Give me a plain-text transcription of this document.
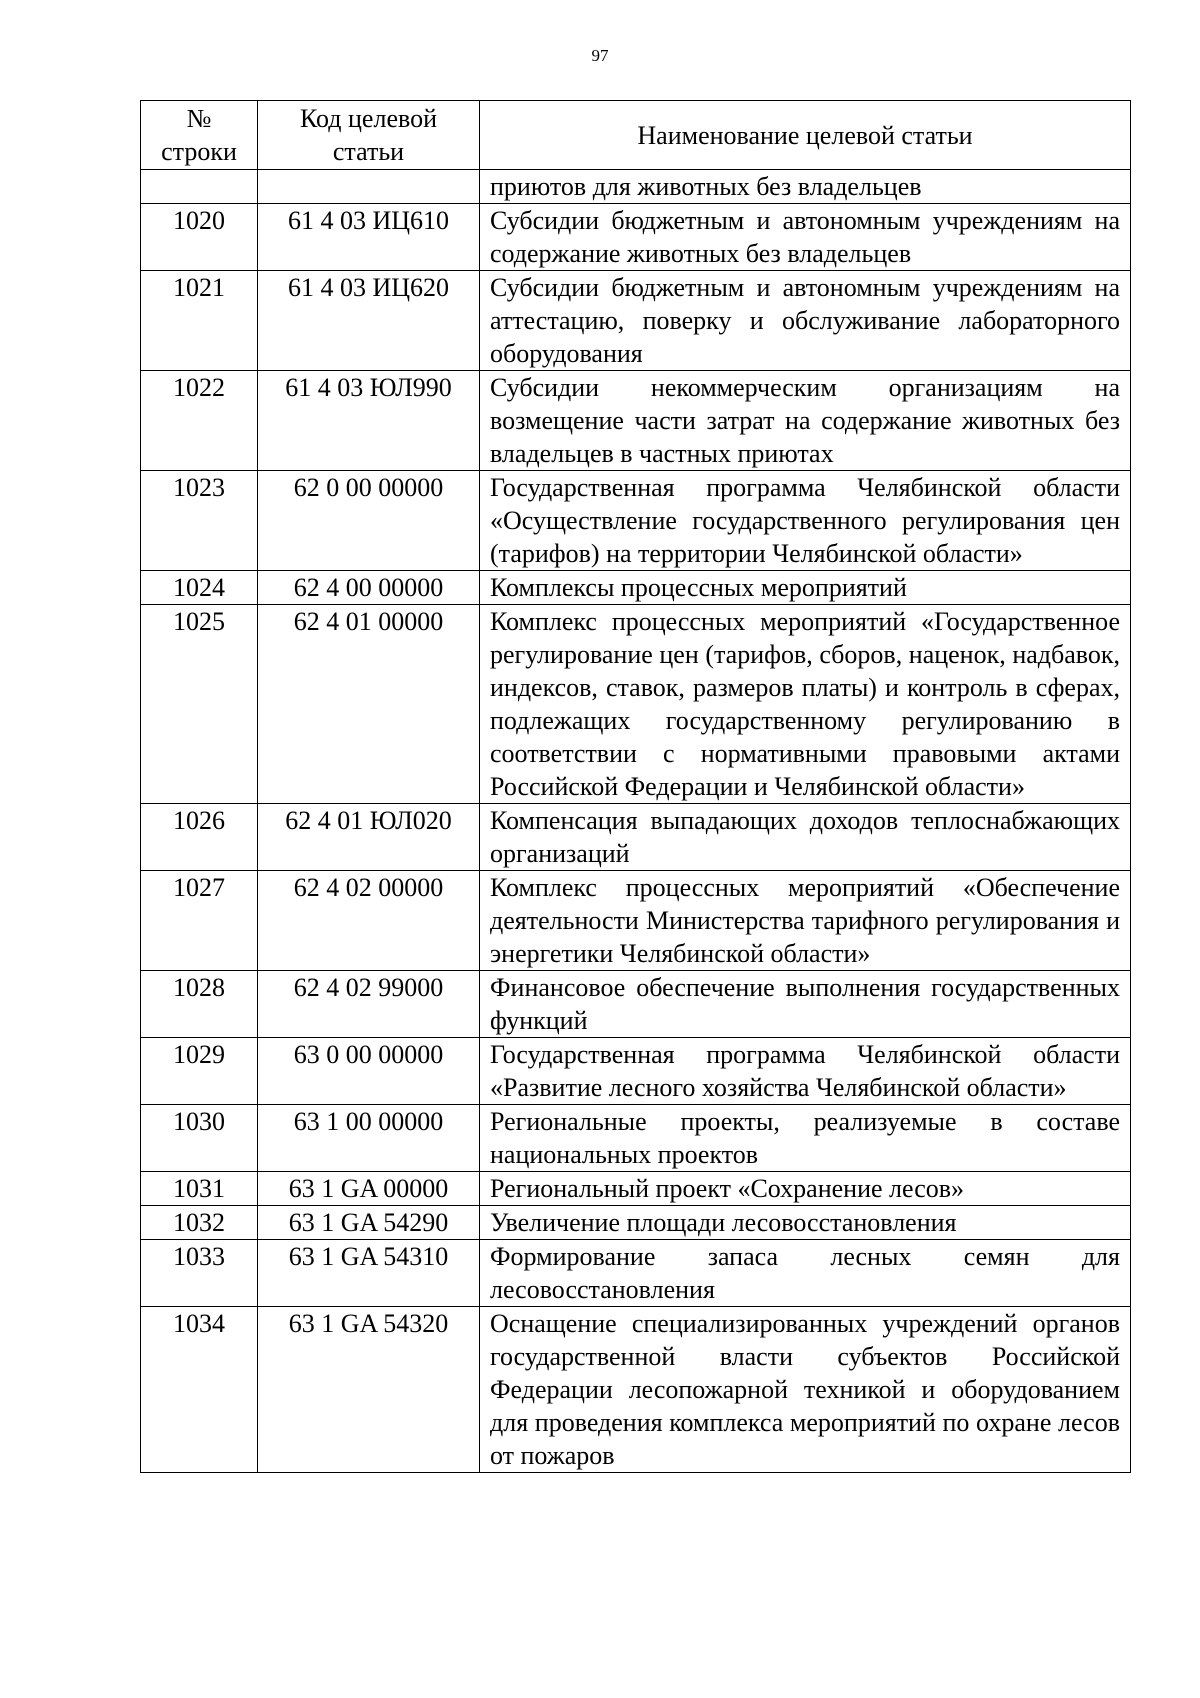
97
№ строки	Код целевой статьи	Наименование целевой статьи
		приютов для животных без владельцев
1020	61 4 03 ИЦ610	Субсидии бюджетным и автономным учреждениям на содержание животных без владельцев
1021	61 4 03 ИЦ620	Субсидии бюджетным и автономным учреждениям на аттестацию, поверку и обслуживание лабораторного оборудования
1022	61 4 03 ЮЛ990	Субсидии некоммерческим организациям на возмещение части затрат на содержание животных без владельцев в частных приютах
1023	62 0 00 00000	Государственная программа Челябинской области «Осуществление государственного регулирования цен (тарифов) на территории Челябинской области»
1024	62 4 00 00000	Комплексы процессных мероприятий
1025	62 4 01 00000	Комплекс процессных мероприятий «Государственное регулирование цен (тарифов, сборов, наценок, надбавок, индексов, ставок, размеров платы) и контроль в сферах, подлежащих государственному регулированию в соответствии с нормативными правовыми актами Российской Федерации и Челябинской области»
1026	62 4 01 ЮЛ020	Компенсация выпадающих доходов теплоснабжающих организаций
1027	62 4 02 00000	Комплекс процессных мероприятий «Обеспечение деятельности Министерства тарифного регулирования и энергетики Челябинской области»
1028	62 4 02 99000	Финансовое обеспечение выполнения государственных функций
1029	63 0 00 00000	Государственная программа Челябинской области «Развитие лесного хозяйства Челябинской области»
1030	63 1 00 00000	Региональные проекты, реализуемые в составе национальных проектов
1031	63 1 GA 00000	Региональный проект «Сохранение лесов»
1032	63 1 GA 54290	Увеличение площади лесовосстановления
1033	63 1 GA 54310	Формирование запаса лесных семян для лесовосстановления
1034	63 1 GA 54320	Оснащение специализированных учреждений органов государственной власти субъектов Российской Федерации лесопожарной техникой и оборудованием для проведения комплекса мероприятий по охране лесов от пожаров
